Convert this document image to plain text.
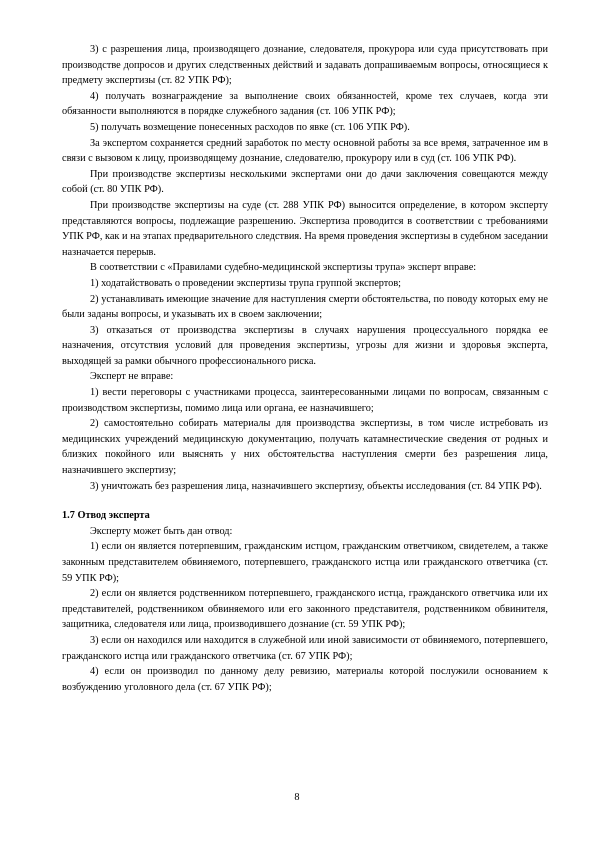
3) с разрешения лица, производящего дознание, следователя, прокурора или суда присутствовать при производстве допросов и других следственных действий и задавать допрашиваемым вопросы, относящиеся к предмету экспертизы (ст. 82 УПК РФ);

4) получать вознаграждение за выполнение своих обязанностей, кроме тех случаев, когда эти обязанности выполняются в порядке служебного задания (ст. 106 УПК РФ);

5) получать возмещение понесенных расходов по явке (ст. 106 УПК РФ).

За экспертом сохраняется средний заработок по месту основной работы за все время, затраченное им в связи с вызовом к лицу, производящему дознание, следователю, прокурору или в суд (ст. 106 УПК РФ).

При производстве экспертизы несколькими экспертами они до дачи заключения совещаются между собой (ст. 80 УПК РФ).

При производстве экспертизы на суде (ст. 288 УПК РФ) выносится определение, в котором эксперту представляются вопросы, подлежащие разрешению. Экспертиза проводится в соответствии с требованиями УПК РФ, как и на этапах предварительного следствия. На время проведения экспертизы в судебном заседании назначается перерыв.

В соответствии с «Правилами судебно-медицинской экспертизы трупа» эксперт вправе:

1) ходатайствовать о проведении экспертизы трупа группой экспертов;

2) устанавливать имеющие значение для наступления смерти обстоятельства, по поводу которых ему не были заданы вопросы, и указывать их в своем заключении;

3) отказаться от производства экспертизы в случаях нарушения процессуального порядка ее назначения, отсутствия условий для проведения экспертизы, угрозы для жизни и здоровья эксперта, выходящей за рамки обычного профессионального риска.

Эксперт не вправе:

1) вести переговоры с участниками процесса, заинтересованными лицами по вопросам, связанным с производством экспертизы, помимо лица или органа, ее назначившего;

2) самостоятельно собирать материалы для производства экспертизы, в том числе истребовать из медицинских учреждений медицинскую документацию, получать катамнестические сведения от родных и близких покойного или выяснять у них обстоятельства наступления смерти без разрешения лица, назначившего экспертизу;

3) уничтожать без разрешения лица, назначившего экспертизу, объекты исследования (ст. 84 УПК РФ).

1.7 Отвод эксперта

Эксперту может быть дан отвод:

1) если он является потерпевшим, гражданским истцом, гражданским ответчиком, свидетелем, а также законным представителем обвиняемого, потерпевшего, гражданского истца или гражданского ответчика (ст. 59 УПК РФ);

2) если он является родственником потерпевшего, гражданского истца, гражданского ответчика или их представителей, родственником обвиняемого или его законного представителя, родственником обвинителя, защитника, следователя или лица, производившего дознание (ст. 59 УПК РФ);

3) если он находился или находится в служебной или иной зависимости от обвиняемого, потерпевшего, гражданского истца или гражданского ответчика (ст. 67 УПК РФ);

4) если он производил по данному делу ревизию, материалы которой послужили основанием к возбуждению уголовного дела (ст. 67 УПК РФ);

8
